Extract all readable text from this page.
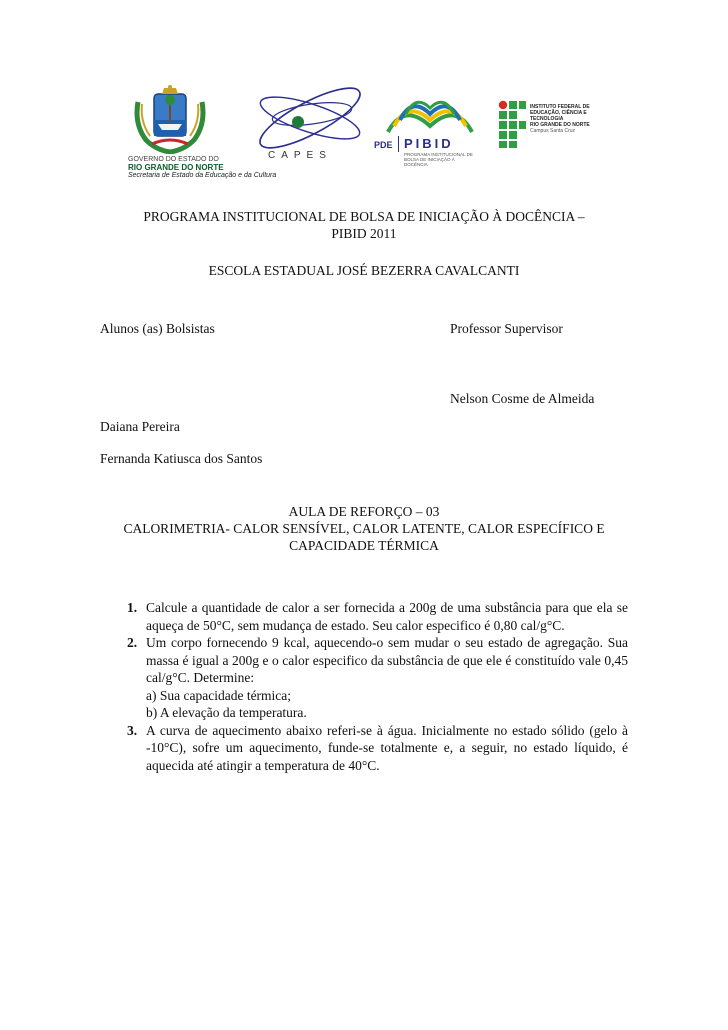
GOVERNO DO ESTADO DO
RIO GRANDE DO NORTE
Secretaria de Estado da Educação e da Cultura
CAPES
PDE PIBID
PROGRAMA INSTITUCIONAL DE BOLSA DE INICIAÇÃO À DOCÊNCIA
INSTITUTO FEDERAL DE
EDUCAÇÃO, CIÊNCIA E TECNOLOGIA
RIO GRANDE DO NORTE
Campus Santa Cruz
PROGRAMA INSTITUCIONAL DE BOLSA DE INICIAÇÃO À DOCÊNCIA –
PIBID 2011
ESCOLA ESTADUAL JOSÉ BEZERRA CAVALCANTI
Alunos (as) Bolsistas	Professor Supervisor
Nelson Cosme de Almeida
Daiana Pereira
Fernanda Katiusca dos Santos
AULA DE REFORÇO – 03
CALORIMETRIA- CALOR SENSÍVEL, CALOR LATENTE, CALOR ESPECÍFICO E
CAPACIDADE TÉRMICA
1. Calcule a quantidade de calor a ser fornecida a 200g de uma substância para que ela se aqueça de 50°C, sem mudança de estado. Seu calor especifico é 0,80 cal/g°C.
2. Um corpo fornecendo 9 kcal, aquecendo-o sem mudar o seu estado de agregação. Sua massa é igual a 200g e o calor especifico da substância de que ele é constituído vale 0,45 cal/g°C. Determine:
a) Sua capacidade térmica;
b) A elevação da temperatura.
3. A curva de aquecimento abaixo referi-se à água. Inicialmente no estado sólido (gelo à -10°C), sofre um aquecimento, funde-se totalmente e, a seguir, no estado líquido, é aquecida até atingir a temperatura de 40°C.
